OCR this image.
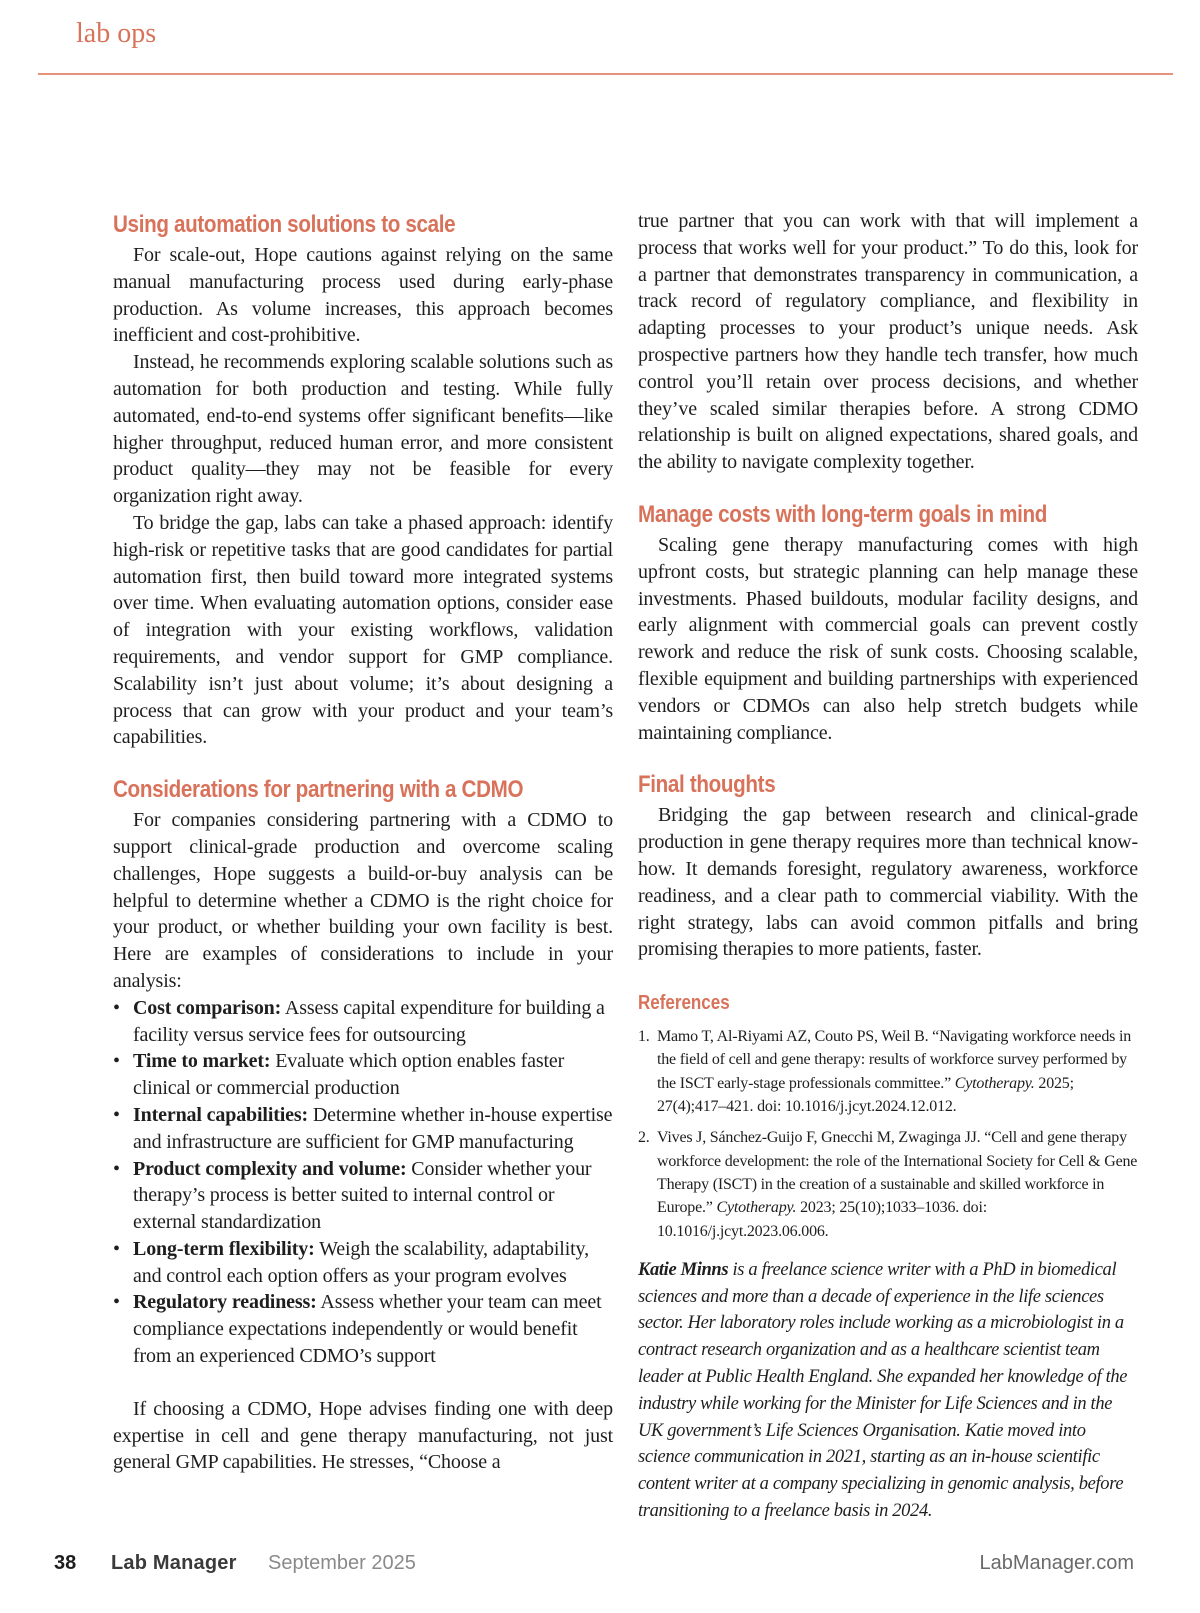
lab ops
Using automation solutions to scale

For scale-out, Hope cautions against relying on the same manual manufacturing process used during early-phase production. As volume increases, this approach becomes inefficient and cost-prohibitive.

Instead, he recommends exploring scalable solutions such as automation for both production and testing. While fully automated, end-to-end systems offer significant benefits—like higher throughput, reduced human error, and more consistent product quality—they may not be feasible for every organization right away.

To bridge the gap, labs can take a phased approach: identify high-risk or repetitive tasks that are good candidates for partial automation first, then build toward more integrated systems over time. When evaluating automation options, consider ease of integration with your existing workflows, validation requirements, and vendor support for GMP compliance. Scalability isn’t just about volume; it’s about designing a process that can grow with your product and your team’s capabilities.

Considerations for partnering with a CDMO

For companies considering partnering with a CDMO to support clinical-grade production and overcome scaling challenges, Hope suggests a build-or-buy analysis can be helpful to determine whether a CDMO is the right choice for your product, or whether building your own facility is best. Here are examples of considerations to include in your analysis:

• Cost comparison: Assess capital expenditure for building a facility versus service fees for outsourcing
• Time to market: Evaluate which option enables faster clinical or commercial production
• Internal capabilities: Determine whether in-house expertise and infrastructure are sufficient for GMP manufacturing
• Product complexity and volume: Consider whether your therapy’s process is better suited to internal control or external standardization
• Long-term flexibility: Weigh the scalability, adaptability, and control each option offers as your program evolves
• Regulatory readiness: Assess whether your team can meet compliance expectations independently or would benefit from an experienced CDMO’s support

If choosing a CDMO, Hope advises finding one with deep expertise in cell and gene therapy manufacturing, not just general GMP capabilities. He stresses, “Choose a

true partner that you can work with that will implement a process that works well for your product.” To do this, look for a partner that demonstrates transparency in communication, a track record of regulatory compliance, and flexibility in adapting processes to your product’s unique needs. Ask prospective partners how they handle tech transfer, how much control you’ll retain over process decisions, and whether they’ve scaled similar therapies before. A strong CDMO relationship is built on aligned expectations, shared goals, and the ability to navigate complexity together.

Manage costs with long-term goals in mind

Scaling gene therapy manufacturing comes with high upfront costs, but strategic planning can help manage these investments. Phased buildouts, modular facility designs, and early alignment with commercial goals can prevent costly rework and reduce the risk of sunk costs. Choosing scalable, flexible equipment and building partnerships with experienced vendors or CDMOs can also help stretch budgets while maintaining compliance.

Final thoughts

Bridging the gap between research and clinical-grade production in gene therapy requires more than technical know-how. It demands foresight, regulatory awareness, workforce readiness, and a clear path to commercial viability. With the right strategy, labs can avoid common pitfalls and bring promising therapies to more patients, faster.

References
1. Mamo T, Al-Riyami AZ, Couto PS, Weil B. “Navigating workforce needs in the field of cell and gene therapy: results of workforce survey performed by the ISCT early-stage professionals committee.” Cytotherapy. 2025; 27(4);417–421. doi: 10.1016/j.jcyt.2024.12.012.
2. Vives J, Sánchez-Guijo F, Gnecchi M, Zwaginga JJ. “Cell and gene therapy workforce development: the role of the International Society for Cell & Gene Therapy (ISCT) in the creation of a sustainable and skilled workforce in Europe.” Cytotherapy. 2023; 25(10);1033–1036. doi: 10.1016/j.jcyt.2023.06.006.
Katie Minns is a freelance science writer with a PhD in biomedical sciences and more than a decade of experience in the life sciences sector. Her laboratory roles include working as a microbiologist in a contract research organization and as a healthcare scientist team leader at Public Health England. She expanded her knowledge of the industry while working for the Minister for Life Sciences and in the UK government’s Life Sciences Organisation. Katie moved into science communication in 2021, starting as an in-house scientific content writer at a company specializing in genomic analysis, before transitioning to a freelance basis in 2024.
38 Lab Manager September 2025	LabManager.com
